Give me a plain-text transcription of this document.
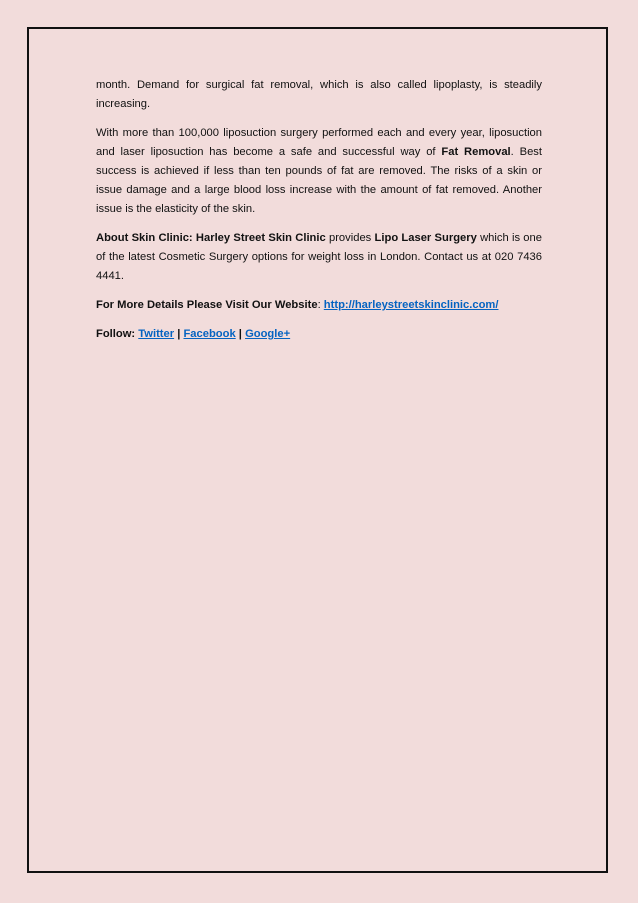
month. Demand for surgical fat removal, which is also called lipoplasty, is steadily increasing.

With more than 100,000 liposuction surgery performed each and every year, liposuction and laser liposuction has become a safe and successful way of Fat Removal. Best success is achieved if less than ten pounds of fat are removed. The risks of a skin or issue damage and a large blood loss increase with the amount of fat removed. Another issue is the elasticity of the skin.

About Skin Clinic: Harley Street Skin Clinic provides Lipo Laser Surgery which is one of the latest Cosmetic Surgery options for weight loss in London. Contact us at 020 7436 4441.

For More Details Please Visit Our Website: http://harleystreetskinclinic.com/

Follow: Twitter | Facebook | Google+
